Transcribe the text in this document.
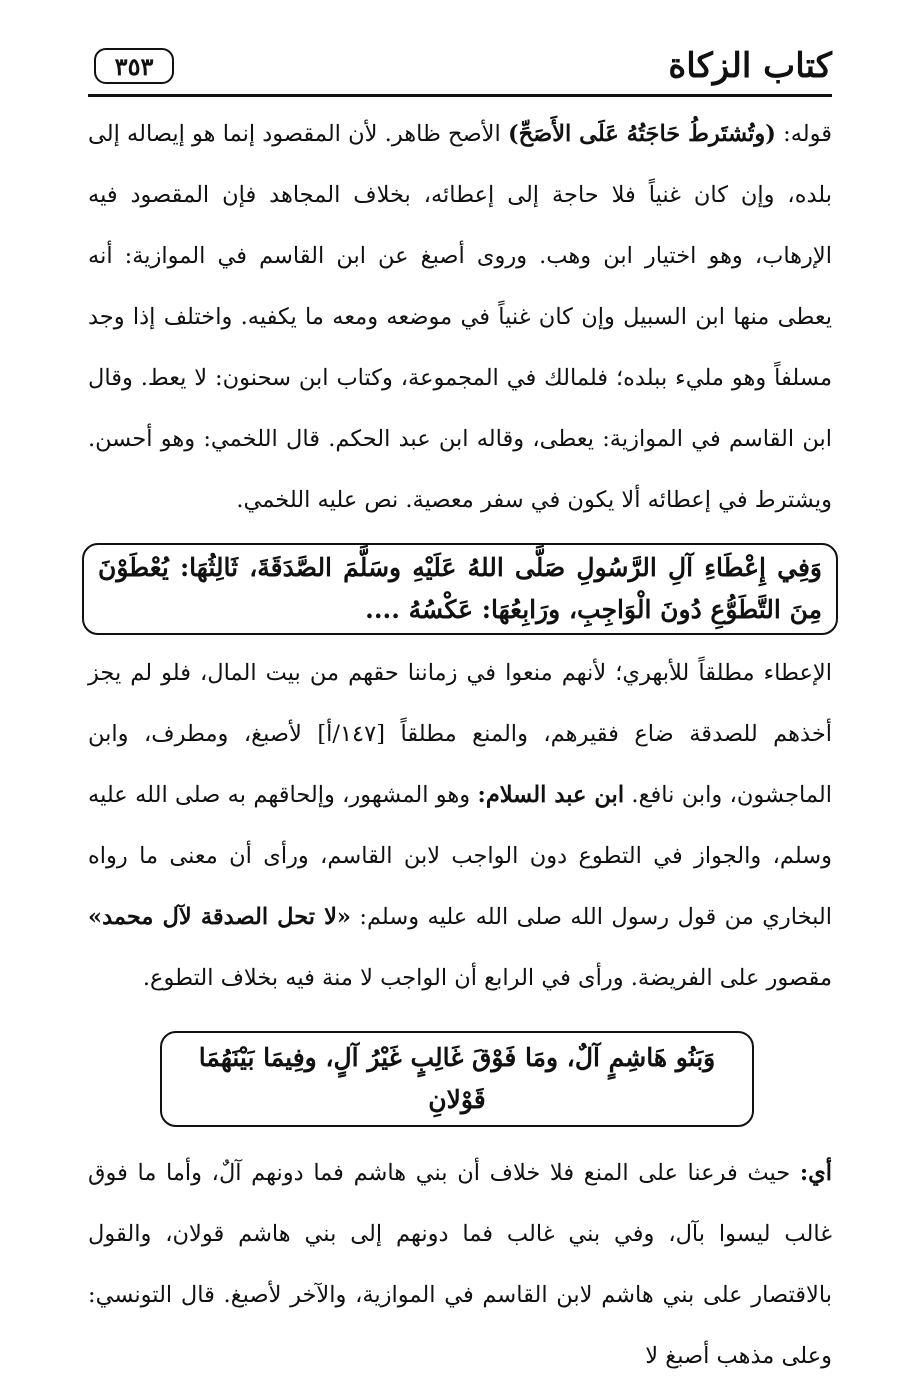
كتاب الزكاة
٣٥٣

قوله: (وتُشتَرطُ حَاجَتُهُ عَلَى الأَصَحِّ) الأصح ظاهر. لأن المقصود إنما هو إيصاله إلى بلده، وإن كان غنياً فلا حاجة إلى إعطائه، بخلاف المجاهد فإن المقصود فيه الإرهاب، وهو اختيار ابن وهب. وروى أصبغ عن ابن القاسم في الموازية: أنه يعطى منها ابن السبيل وإن كان غنياً في موضعه ومعه ما يكفيه. واختلف إذا وجد مسلفاً وهو مليء ببلده؛ فلمالك في المجموعة، وكتاب ابن سحنون: لا يعط. وقال ابن القاسم في الموازية: يعطى، وقاله ابن عبد الحكم. قال اللخمي: وهو أحسن. ويشترط في إعطائه ألا يكون في سفر معصية. نص عليه اللخمي.

وَفِي إِعْطَاءِ آلِ الرَّسُولِ صَلَّى اللهُ عَلَيْهِ وسَلَّمَ الصَّدَقَةَ، ثَالِثُهَا: يُعْطَوْنَ مِنَ التَّطَوُّعِ دُونَ الْوَاجِبِ، ورَابِعُهَا: عَكْسُهُ ....

الإعطاء مطلقاً للأبهري؛ لأنهم منعوا في زماننا حقهم من بيت المال، فلو لم يجز أخذهم للصدقة ضاع فقيرهم، والمنع مطلقاً [١٤٧/أ] لأصبغ، ومطرف، وابن الماجشون، وابن نافع. ابن عبد السلام: وهو المشهور، وإلحاقهم به صلى الله عليه وسلم، والجواز في التطوع دون الواجب لابن القاسم، ورأى أن معنى ما رواه البخاري من قول رسول الله صلى الله عليه وسلم: «لا تحل الصدقة لآل محمد» مقصور على الفريضة. ورأى في الرابع أن الواجب لا منة فيه بخلاف التطوع.

وَبَنُو هَاشِمٍ آلٌ، ومَا فَوْقَ غَالِبٍ غَيْرُ آلٍ، وفِيمَا بَيْنَهُمَا قَوْلانِ

أي: حيث فرعنا على المنع فلا خلاف أن بني هاشم فما دونهم آلٌ، وأما ما فوق غالب ليسوا بآل، وفي بني غالب فما دونهم إلى بني هاشم قولان، والقول بالاقتصار على بني هاشم لابن القاسم في الموازية، والآخر لأصبغ. قال التونسي: وعلى مذهب أصبغ لا
